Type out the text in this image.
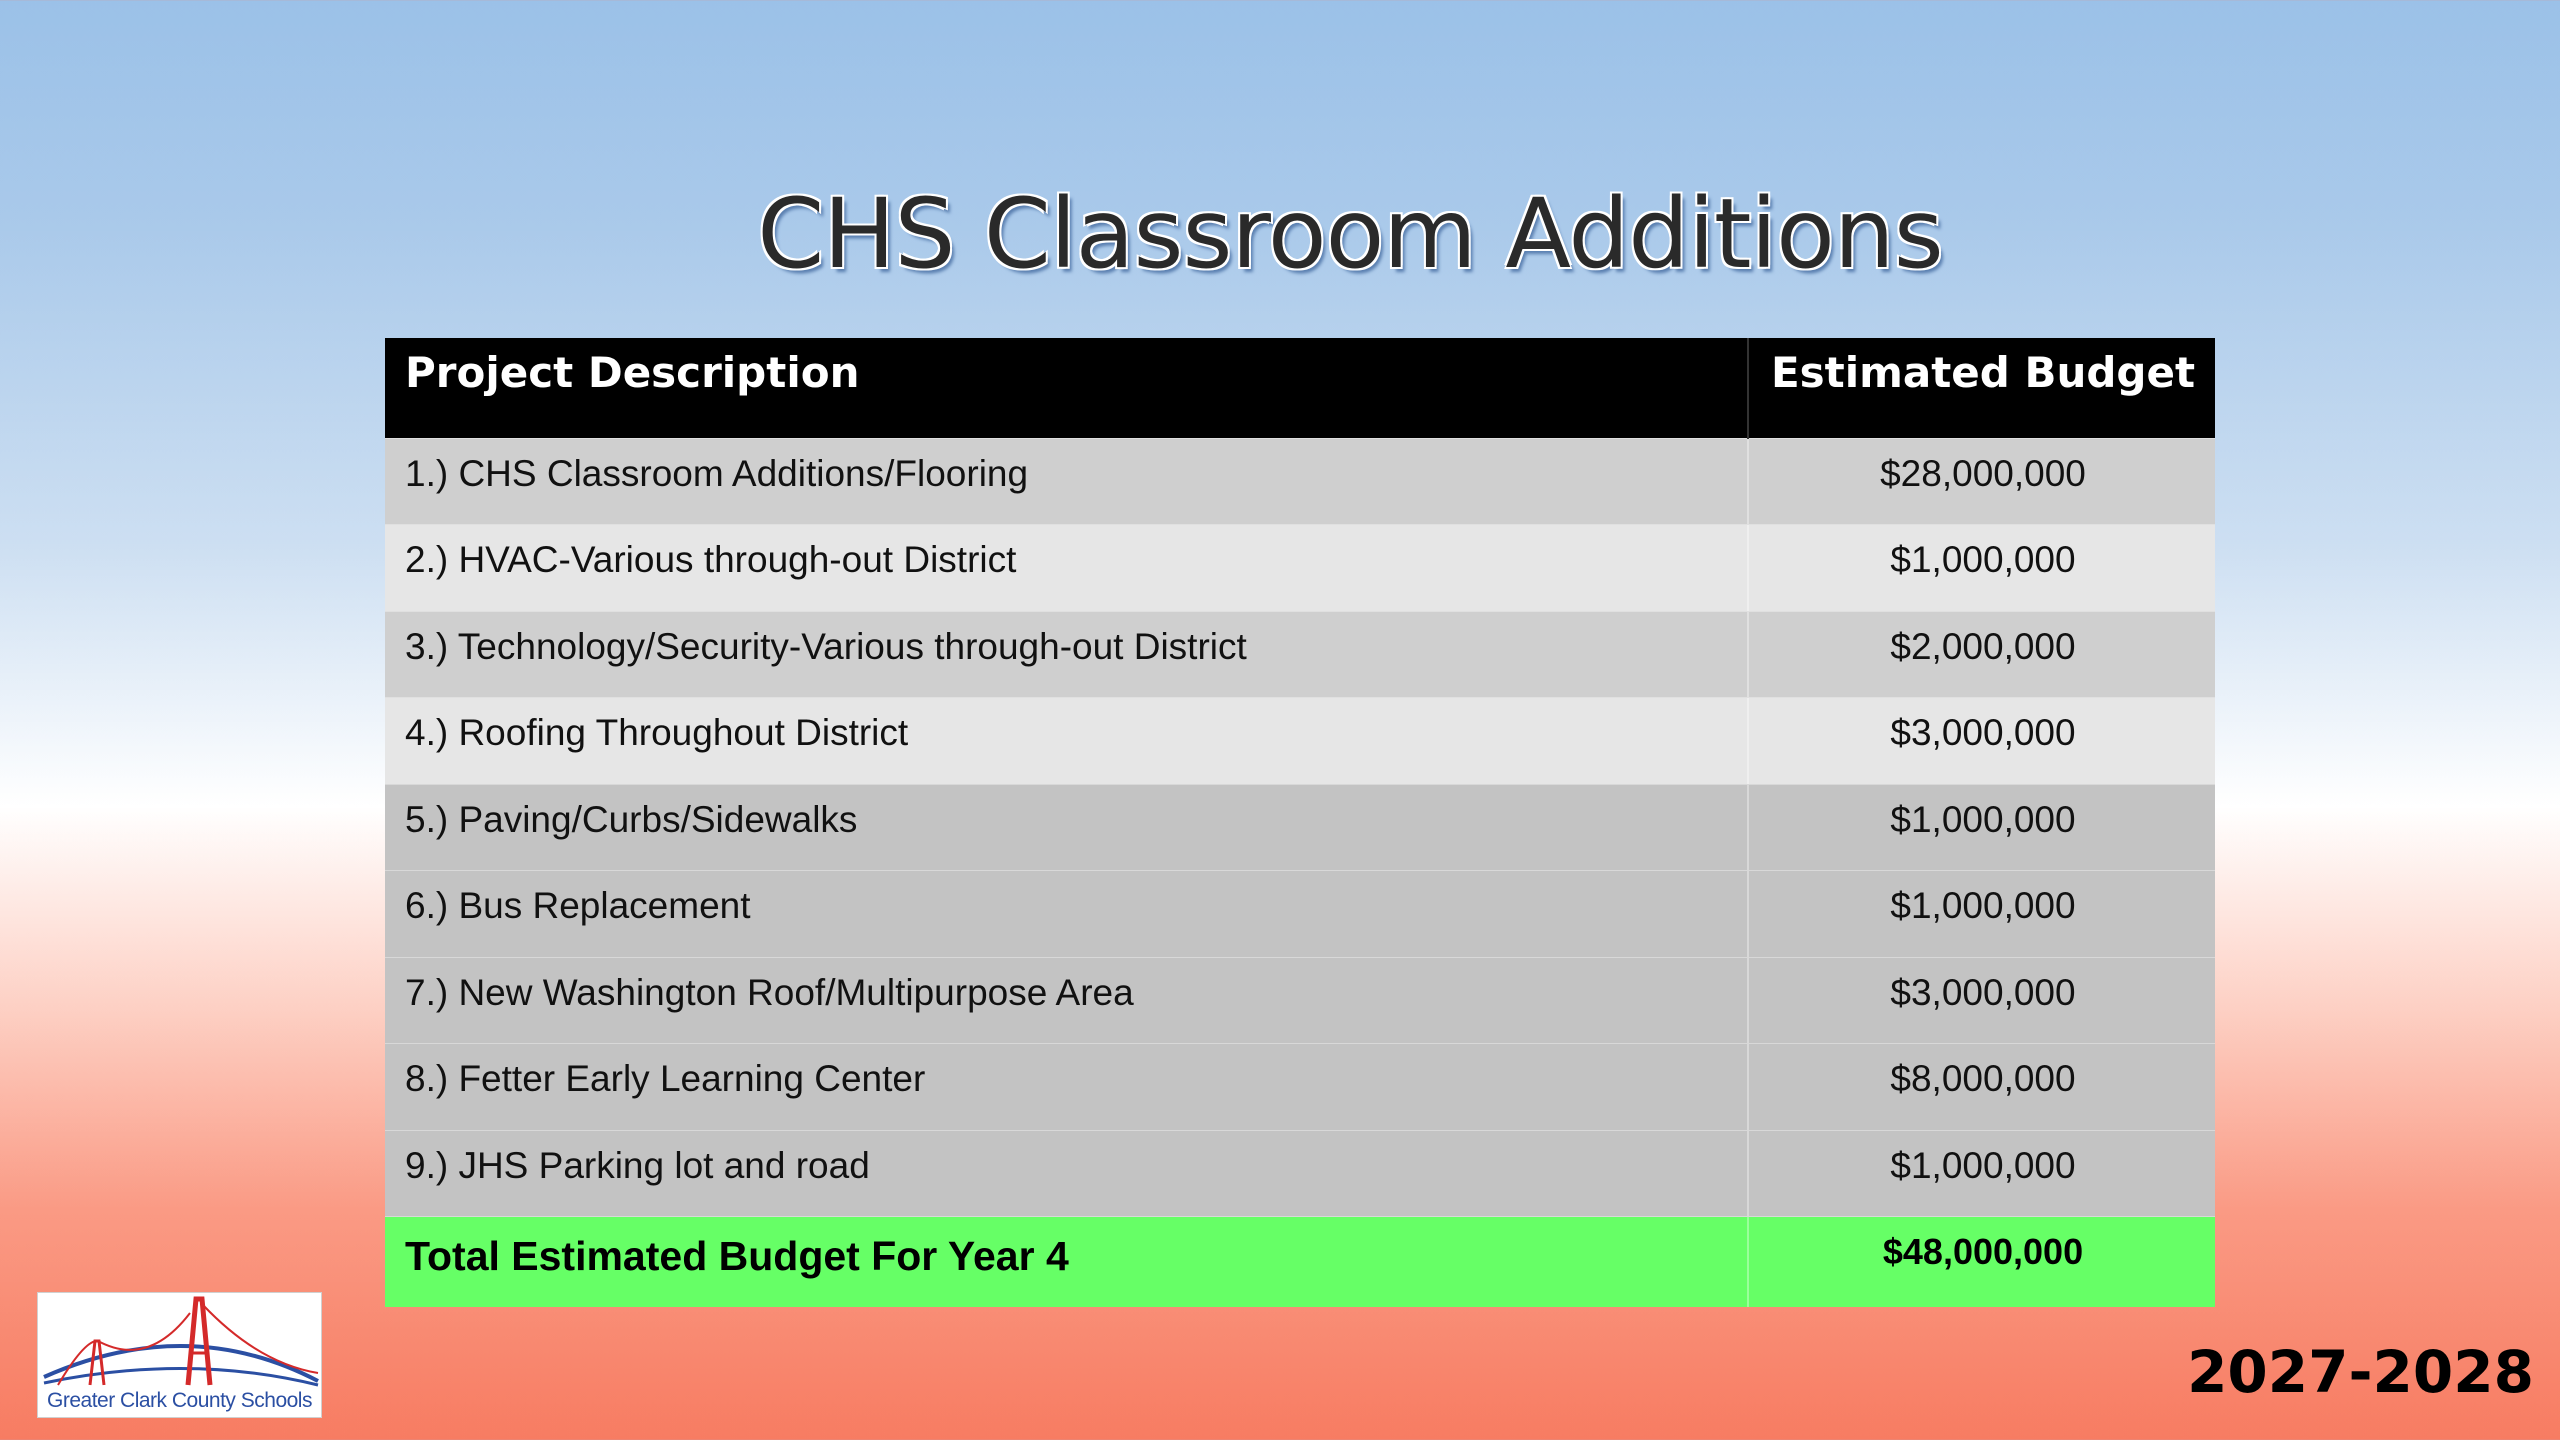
CHS Classroom Additions
Project Description	Estimated Budget
1.) CHS Classroom Additions/Flooring	$28,000,000
2.) HVAC-Various through-out District	$1,000,000
3.) Technology/Security-Various through-out District	$2,000,000
4.) Roofing Throughout District	$3,000,000
5.) Paving/Curbs/Sidewalks	$1,000,000
6.) Bus Replacement	$1,000,000
7.) New Washington Roof/Multipurpose Area	$3,000,000
8.) Fetter Early Learning Center	$8,000,000
9.) JHS Parking lot and road	$1,000,000
Total Estimated Budget For Year 4	$48,000,000
Greater Clark County Schools	2027-2028
